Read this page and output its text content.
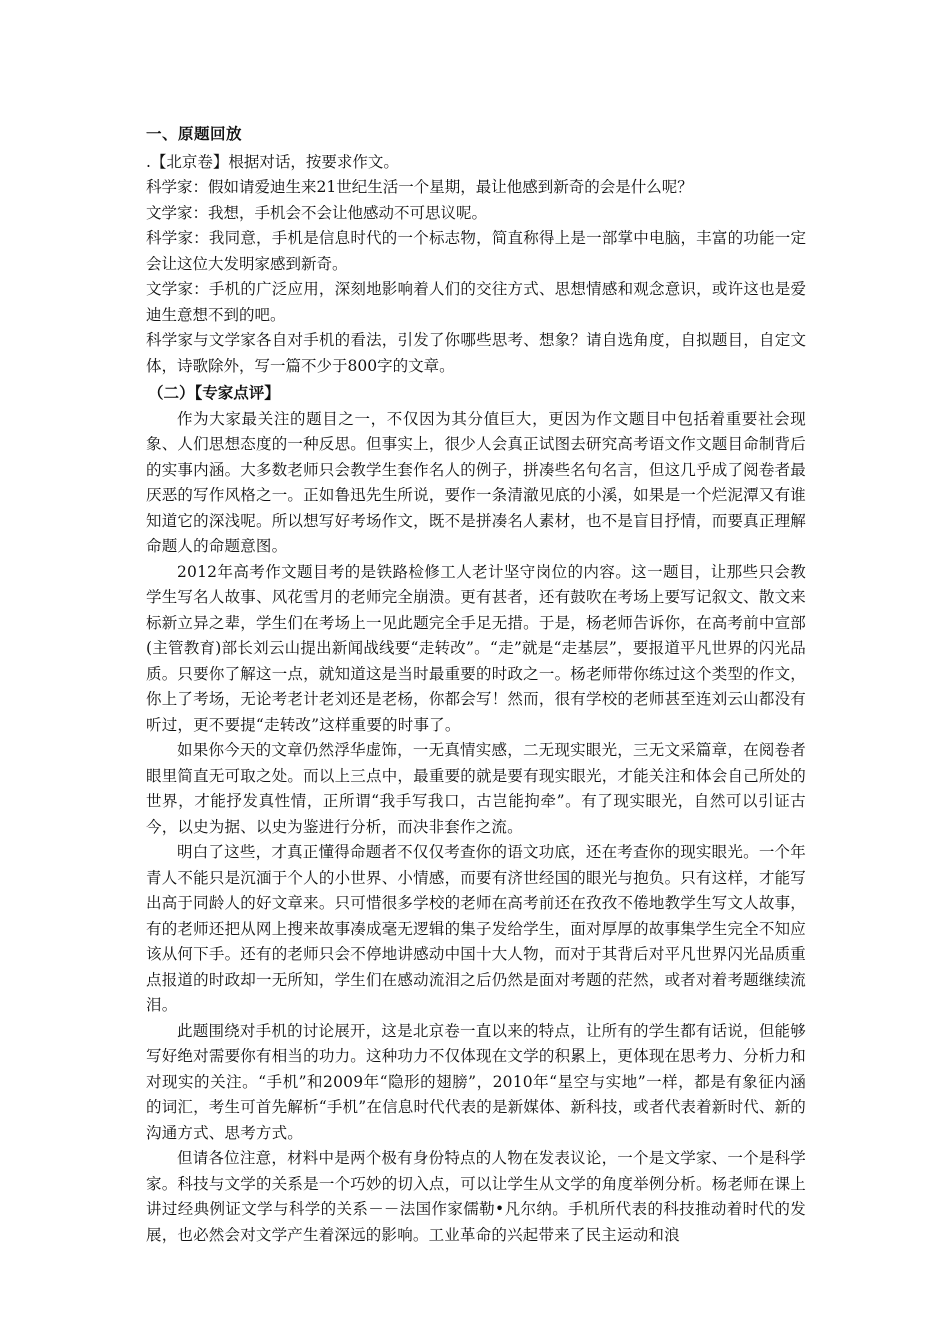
一、原题回放

.【北京卷】根据对话，按要求作文。

科学家：假如请爱迪生来21世纪生活一个星期，最让他感到新奇的会是什么呢？

文学家：我想，手机会不会让他感动不可思议呢。

科学家：我同意，手机是信息时代的一个标志物，简直称得上是一部掌中电脑，丰富的功能一定会让这位大发明家感到新奇。

文学家：手机的广泛应用，深刻地影响着人们的交往方式、思想情感和观念意识，或许这也是爱迪生意想不到的吧。

科学家与文学家各自对手机的看法，引发了你哪些思考、想象？请自选角度，自拟题目，自定文体，诗歌除外，写一篇不少于800字的文章。

（二）【专家点评】

作为大家最关注的题目之一，不仅因为其分值巨大，更因为作文题目中包括着重要社会现象、人们思想态度的一种反思。但事实上，很少人会真正试图去研究高考语文作文题目命制背后的实事内涵。大多数老师只会教学生套作名人的例子，拼凑些名句名言，但这几乎成了阅卷者最厌恶的写作风格之一。正如鲁迅先生所说，要作一条清澈见底的小溪，如果是一个烂泥潭又有谁知道它的深浅呢。所以想写好考场作文，既不是拼凑名人素材，也不是盲目抒情，而要真正理解命题人的命题意图。

2012年高考作文题目考的是铁路检修工人老计坚守岗位的内容。这一题目，让那些只会教学生写名人故事、风花雪月的老师完全崩溃。更有甚者，还有鼓吹在考场上要写记叙文、散文来标新立异之辈，学生们在考场上一见此题完全手足无措。于是，杨老师告诉你，在高考前中宣部(主管教育)部长刘云山提出新闻战线要“走转改”。“走”就是“走基层”，要报道平凡世界的闪光品质。只要你了解这一点，就知道这是当时最重要的时政之一。杨老师带你练过这个类型的作文，你上了考场，无论考老计老刘还是老杨，你都会写！然而，很有学校的老师甚至连刘云山都没有听过，更不要提“走转改”这样重要的时事了。

如果你今天的文章仍然浮华虚饰，一无真情实感，二无现实眼光，三无文采篇章，在阅卷者眼里简直无可取之处。而以上三点中，最重要的就是要有现实眼光，才能关注和体会自己所处的世界，才能抒发真性情，正所谓“我手写我口，古岂能拘牵”。有了现实眼光，自然可以引证古今，以史为据、以史为鉴进行分析，而决非套作之流。

明白了这些，才真正懂得命题者不仅仅考查你的语文功底，还在考查你的现实眼光。一个年青人不能只是沉湎于个人的小世界、小情感，而要有济世经国的眼光与抱负。只有这样，才能写出高于同龄人的好文章来。只可惜很多学校的老师在高考前还在孜孜不倦地教学生写文人故事，有的老师还把从网上搜来故事凑成毫无逻辑的集子发给学生，面对厚厚的故事集学生完全不知应该从何下手。还有的老师只会不停地讲感动中国十大人物，而对于其背后对平凡世界闪光品质重点报道的时政却一无所知，学生们在感动流泪之后仍然是面对考题的茫然，或者对着考题继续流泪。

此题围绕对手机的讨论展开，这是北京卷一直以来的特点，让所有的学生都有话说，但能够写好绝对需要你有相当的功力。这种功力不仅体现在文学的积累上，更体现在思考力、分析力和对现实的关注。“手机”和2009年“隐形的翅膀”，2010年“星空与实地”一样，都是有象征内涵的词汇，考生可首先解析“手机”在信息时代代表的是新媒体、新科技，或者代表着新时代、新的沟通方式、思考方式。

但请各位注意，材料中是两个极有身份特点的人物在发表议论，一个是文学家、一个是科学家。科技与文学的关系是一个巧妙的切入点，可以让学生从文学的角度举例分析。杨老师在课上讲过经典例证文学与科学的关系－－法国作家儒勒•凡尔纳。手机所代表的科技推动着时代的发展，也必然会对文学产生着深远的影响。工业革命的兴起带来了民主运动和浪
